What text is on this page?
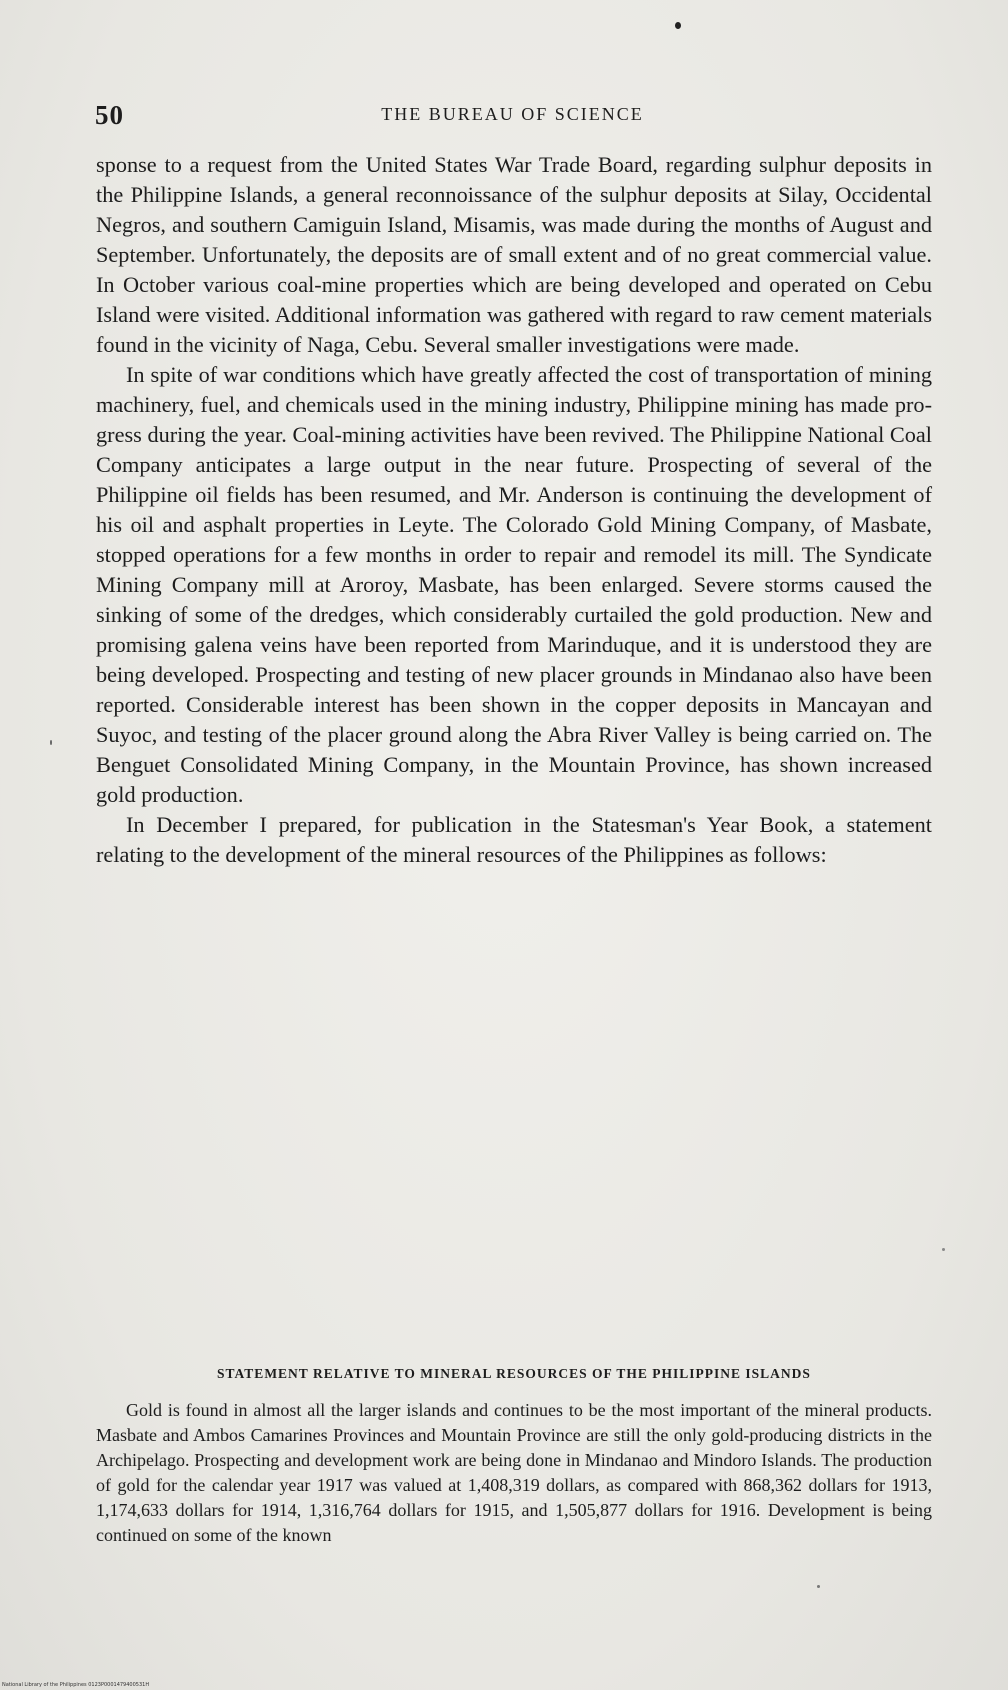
50	THE BUREAU OF SCIENCE

sponse to a request from the United States War Trade Board, regarding sulphur deposits in the Philippine Islands, a general reconnoissance of the sulphur deposits at Silay, Occidental Negros, and southern Camiguin Island, Misamis, was made during the months of August and September. Unfortunately, the deposits are of small extent and of no great commercial value. In October various coal-mine properties which are being developed and operated on Cebu Island were visited. Additional information was gathered with regard to raw cement materials found in the vicinity of Naga, Cebu. Several smaller investigations were made.

In spite of war conditions which have greatly affected the cost of transportation of mining machinery, fuel, and chemicals used in the mining industry, Philippine mining has made progress during the year. Coal-mining activities have been revived. The Philippine National Coal Company anticipates a large output in the near future. Prospecting of several of the Philippine oil fields has been resumed, and Mr. Anderson is continuing the development of his oil and asphalt properties in Leyte. The Colorado Gold Mining Company, of Masbate, stopped operations for a few months in order to repair and remodel its mill. The Syndicate Mining Company mill at Aroroy, Masbate, has been enlarged. Severe storms caused the sinking of some of the dredges, which considerably curtailed the gold production. New and promising galena veins have been reported from Marinduque, and it is understood they are being developed. Prospecting and testing of new placer grounds in Mindanao also have been reported. Considerable interest has been shown in the copper deposits in Mancayan and Suyoc, and testing of the placer ground along the Abra River Valley is being carried on. The Benguet Consolidated Mining Company, in the Mountain Province, has shown increased gold production.

In December I prepared, for publication in the Statesman's Year Book, a statement relating to the development of the mineral resources of the Philippines as follows:

STATEMENT RELATIVE TO MINERAL RESOURCES OF THE PHILIPPINE ISLANDS
Gold is found in almost all the larger islands and continues to be the most important of the mineral products. Masbate and Ambos Camarines Provinces and Mountain Province are still the only gold-producing districts in the Archipelago. Prospecting and development work are being done in Mindanao and Mindoro Islands. The production of gold for the calendar year 1917 was valued at 1,408,319 dollars, as compared with 868,362 dollars for 1913, 1,174,633 dollars for 1914, 1,316,764 dollars for 1915, and 1,505,877 dollars for 1916. Development is being continued on some of the known
National Library of the Philippines 0123P0001479400531H
